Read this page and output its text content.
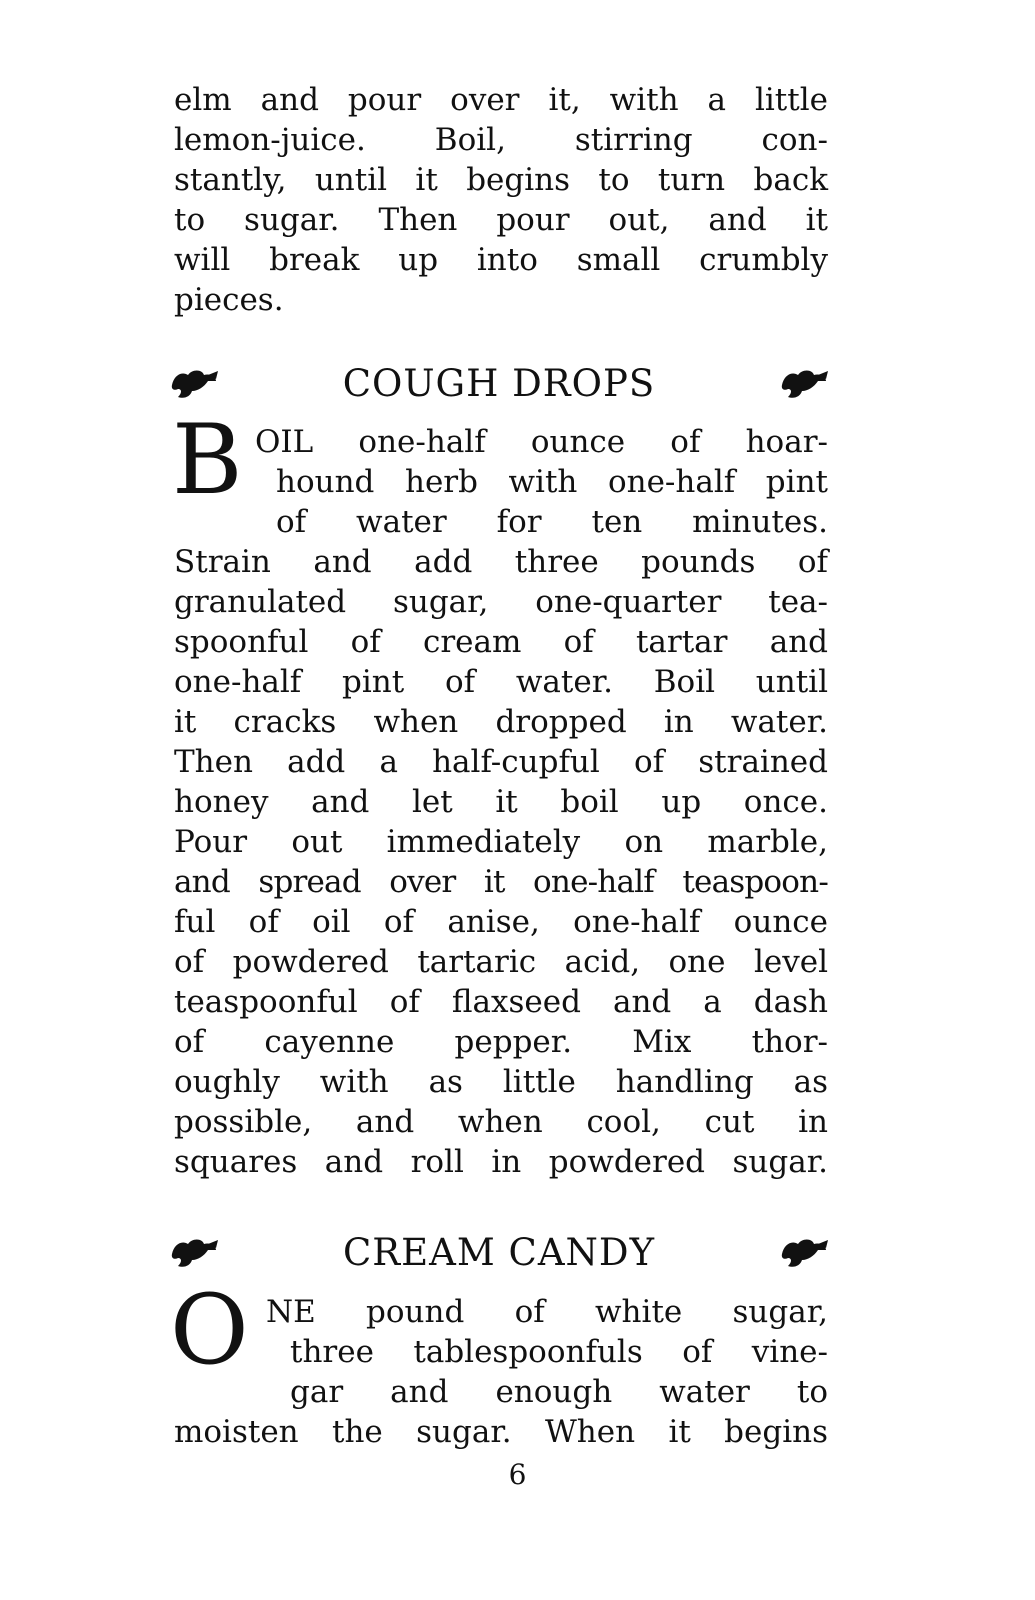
elm and pour over it, with a little
lemon-juice. Boil, stirring con-
stantly, until it begins to turn back
to sugar. Then pour out, and it
will break up into small crumbly
pieces.
COUGH DROPS
B OIL one-half ounce of hoar-
hound herb with one-half pint
of water for ten minutes.
Strain and add three pounds of
granulated sugar, one-quarter tea-
spoonful of cream of tartar and
one-half pint of water. Boil until
it cracks when dropped in water.
Then add a half-cupful of strained
honey and let it boil up once.
Pour out immediately on marble,
and spread over it one-half teaspoon-
ful of oil of anise, one-half ounce
of powdered tartaric acid, one level
teaspoonful of flaxseed and a dash
of cayenne pepper. Mix thor-
oughly with as little handling as
possible, and when cool, cut in
squares and roll in powdered sugar.
CREAM CANDY
O NE pound of white sugar,
three tablespoonfuls of vine-
gar and enough water to
moisten the sugar. When it begins
6
